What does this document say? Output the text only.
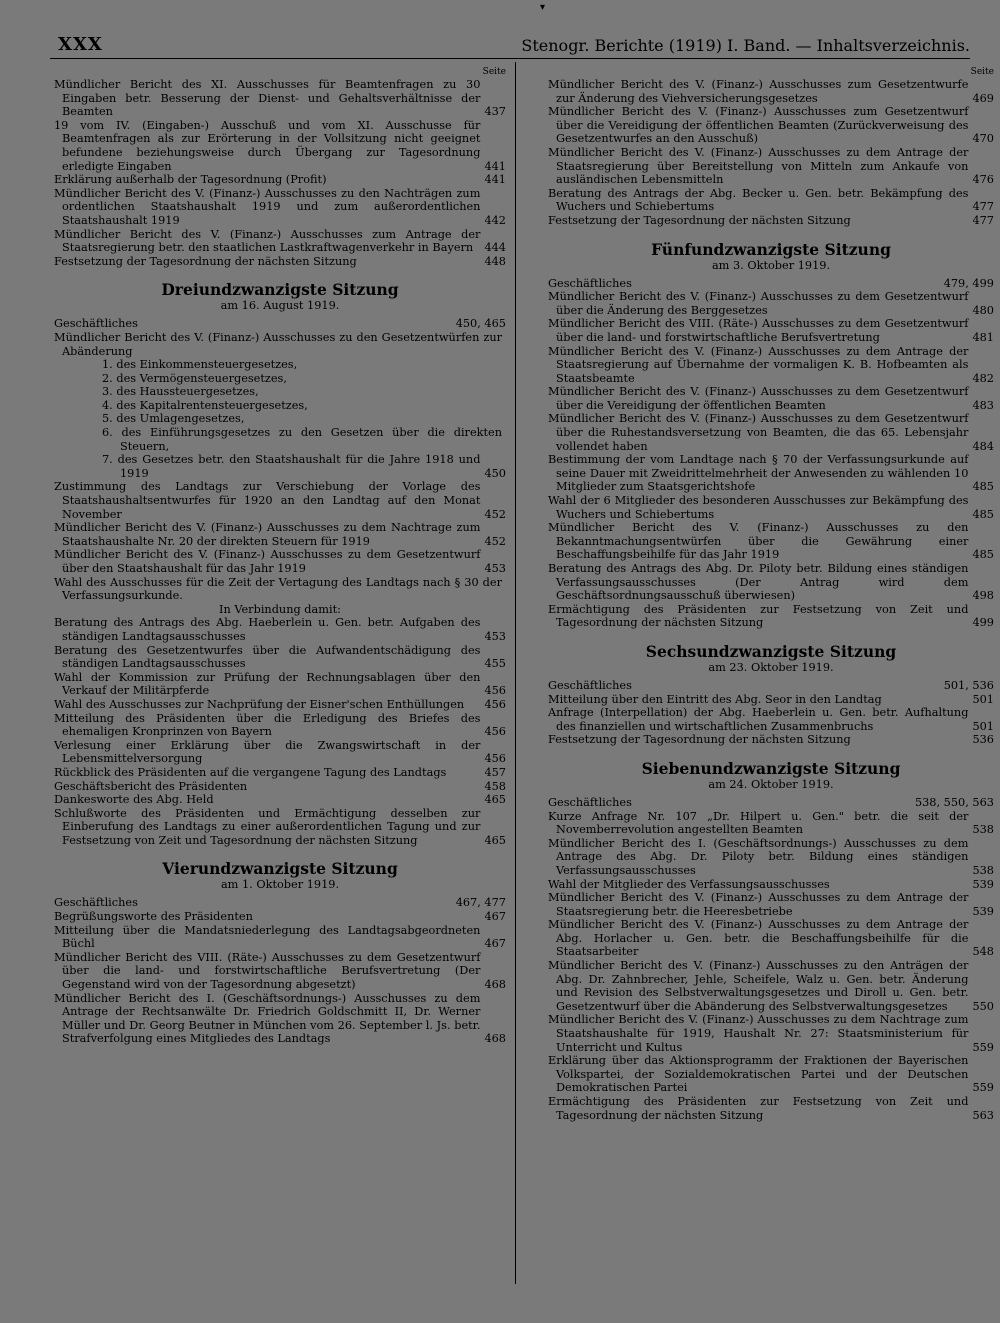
▾
XXX	Stenogr. Berichte (1919) I. Band. — Inhaltsverzeichnis.
Seite
Mündlicher Bericht des XI. Ausschusses für Beamtenfragen zu 30 Eingaben betr. Besserung der Dienst- und Gehaltsverhältnisse der Beamten	437
19 vom IV. (Eingaben-) Ausschuß und vom XI. Ausschusse für Beamtenfragen als zur Erörterung in der Vollsitzung nicht geeignet befundene beziehungsweise durch Übergang zur Tagesordnung erledigte Eingaben	441
Erklärung außerhalb der Tagesordnung (Profit)	441
Mündlicher Bericht des V. (Finanz-) Ausschusses zu den Nachträgen zum ordentlichen Staatshaushalt 1919 und zum außerordentlichen Staatshaushalt 1919	442
Mündlicher Bericht des V. (Finanz-) Ausschusses zum Antrage der Staatsregierung betr. den staatlichen Lastkraftwagenverkehr in Bayern 444
Festsetzung der Tagesordnung der nächsten Sitzung	448
Dreiundzwanzigste Sitzung
am 16. August 1919.
Geschäftliches	450, 465
Mündlicher Bericht des V. (Finanz-) Ausschusses zu den Gesetzentwürfen zur Abänderung
1. des Einkommensteuergesetzes,
2. des Vermögensteuergesetzes,
3. des Haussteuergesetzes,
4. des Kapitalrentensteuergesetzes,
5. des Umlagengesetzes,
6. des Einführungsgesetzes zu den Gesetzen über die direkten Steuern,
7. des Gesetzes betr. den Staatshaushalt für die Jahre 1918 und 1919	450
Zustimmung des Landtags zur Verschiebung der Vorlage des Staatshaushaltsentwurfes für 1920 an den Landtag auf den Monat November	452
Mündlicher Bericht des V. (Finanz-) Ausschusses zu dem Nachtrage zum Staatshaushalte Nr. 20 der direkten Steuern für 1919	452
Mündlicher Bericht des V. (Finanz-) Ausschusses zu dem Gesetzentwurf über den Staatshaushalt für das Jahr 1919	453
Wahl des Ausschusses für die Zeit der Vertagung des Landtags nach § 30 der Verfassungsurkunde.
In Verbindung damit:
Beratung des Antrags des Abg. Haeberlein u. Gen. betr. Aufgaben des ständigen Landtagsausschusses	453
Beratung des Gesetzentwurfes über die Aufwandentschädigung des ständigen Landtagsausschusses	455
Wahl der Kommission zur Prüfung der Rechnungsablagen über den Verkauf der Militärpferde	456
Wahl des Ausschusses zur Nachprüfung der Eisner'schen Enthüllungen	456
Mitteilung des Präsidenten über die Erledigung des Briefes des ehemaligen Kronprinzen von Bayern	456
Verlesung einer Erklärung über die Zwangswirtschaft in der Lebensmittelversorgung	456
Rückblick des Präsidenten auf die vergangene Tagung des Landtags	457
Geschäftsbericht des Präsidenten	458
Dankesworte des Abg. Held	465
Schlußworte des Präsidenten und Ermächtigung desselben zur Einberufung des Landtags zu einer außerordentlichen Tagung und zur Festsetzung von Zeit und Tagesordnung der nächsten Sitzung	465
Vierundzwanzigste Sitzung
am 1. Oktober 1919.
Geschäftliches	467, 477
Begrüßungsworte des Präsidenten	467
Mitteilung über die Mandatsniederlegung des Landtagsabgeordneten Büchl	467
Mündlicher Bericht des VIII. (Räte-) Ausschusses zu dem Gesetzentwurf über die land- und forstwirtschaftliche Berufsvertretung (Der Gegenstand wird von der Tagesordnung abgesetzt)	468
Mündlicher Bericht des I. (Geschäftsordnungs-) Ausschusses zu dem Antrage der Rechtsanwälte Dr. Friedrich Goldschmitt II, Dr. Werner Müller und Dr. Georg Beutner in München vom 26. September l. Js. betr. Strafverfolgung eines Mitgliedes des Landtags	468
Seite
Mündlicher Bericht des V. (Finanz-) Ausschusses zum Gesetzentwurfe zur Änderung des Viehversicherungsgesetzes	469
Mündlicher Bericht des V. (Finanz-) Ausschusses zum Gesetzentwurf über die Vereidigung der öffentlichen Beamten (Zurückverweisung des Gesetzentwurfes an den Ausschuß)	470
Mündlicher Bericht des V. (Finanz-) Ausschusses zu dem Antrage der Staatsregierung über Bereitstellung von Mitteln zum Ankaufe von ausländischen Lebensmitteln	476
Beratung des Antrags der Abg. Becker u. Gen. betr. Bekämpfung des Wuchers und Schiebertums	477
Festsetzung der Tagesordnung der nächsten Sitzung	477
Fünfundzwanzigste Sitzung
am 3. Oktober 1919.
Geschäftliches	479, 499
Mündlicher Bericht des V. (Finanz-) Ausschusses zu dem Gesetzentwurf über die Änderung des Berggesetzes	480
Mündlicher Bericht des VIII. (Räte-) Ausschusses zu dem Gesetzentwurf über die land- und forstwirtschaftliche Berufsvertretung	481
Mündlicher Bericht des V. (Finanz-) Ausschusses zu dem Antrage der Staatsregierung auf Übernahme der vormaligen K. B. Hofbeamten als Staatsbeamte	482
Mündlicher Bericht des V. (Finanz-) Ausschusses zu dem Gesetzentwurf über die Vereidigung der öffentlichen Beamten	483
Mündlicher Bericht des V. (Finanz-) Ausschusses zu dem Gesetzentwurf über die Ruhestandsversetzung von Beamten, die das 65. Lebensjahr vollendet haben	484
Bestimmung der vom Landtage nach § 70 der Verfassungsurkunde auf seine Dauer mit Zweidrittelmehrheit der Anwesenden zu wählenden 10 Mitglieder zum Staatsgerichtshofe	485
Wahl der 6 Mitglieder des besonderen Ausschusses zur Bekämpfung des Wuchers und Schiebertums	485
Mündlicher Bericht des V. (Finanz-) Ausschusses zu den Bekanntmachungsentwürfen über die Gewährung einer Beschaffungsbeihilfe für das Jahr 1919	485
Beratung des Antrags des Abg. Dr. Piloty betr. Bildung eines ständigen Verfassungsausschusses (Der Antrag wird dem Geschäftsordnungsausschuß überwiesen)	498
Ermächtigung des Präsidenten zur Festsetzung von Zeit und Tagesordnung der nächsten Sitzung	499
Sechsundzwanzigste Sitzung
am 23. Oktober 1919.
Geschäftliches	501, 536
Mitteilung über den Eintritt des Abg. Seor in den Landtag	501
Anfrage (Interpellation) der Abg. Haeberlein u. Gen. betr. Aufhaltung des finanziellen und wirtschaftlichen Zusammenbruchs	501
Festsetzung der Tagesordnung der nächsten Sitzung	536
Siebenundzwanzigste Sitzung
am 24. Oktober 1919.
Geschäftliches	538, 550, 563
Kurze Anfrage Nr. 107 „Dr. Hilpert u. Gen." betr. die seit der Novemberrevolution angestellten Beamten	538
Mündlicher Bericht des I. (Geschäftsordnungs-) Ausschusses zu dem Antrage des Abg. Dr. Piloty betr. Bildung eines ständigen Verfassungsausschusses	538
Wahl der Mitglieder des Verfassungsausschusses	539
Mündlicher Bericht des V. (Finanz-) Ausschusses zu dem Antrage der Staatsregierung betr. die Heeresbetriebe	539
Mündlicher Bericht des V. (Finanz-) Ausschusses zu dem Antrage der Abg. Horlacher u. Gen. betr. die Beschaffungsbeihilfe für die Staatsarbeiter	548
Mündlicher Bericht des V. (Finanz-) Ausschusses zu den Anträgen der Abg. Dr. Zahnbrecher, Jehle, Scheifele, Walz u. Gen. betr. Änderung und Revision des Selbstverwaltungsgesetzes und Diroll u. Gen. betr. Gesetzentwurf über die Abänderung des Selbstverwaltungsgesetzes	550
Mündlicher Bericht des V. (Finanz-) Ausschusses zu dem Nachtrage zum Staatshaushalte für 1919, Haushalt Nr. 27: Staatsministerium für Unterricht und Kultus	559
Erklärung über das Aktionsprogramm der Fraktionen der Bayerischen Volkspartei, der Sozialdemokratischen Partei und der Deutschen Demokratischen Partei	559
Ermächtigung des Präsidenten zur Festsetzung von Zeit und Tagesordnung der nächsten Sitzung	563
